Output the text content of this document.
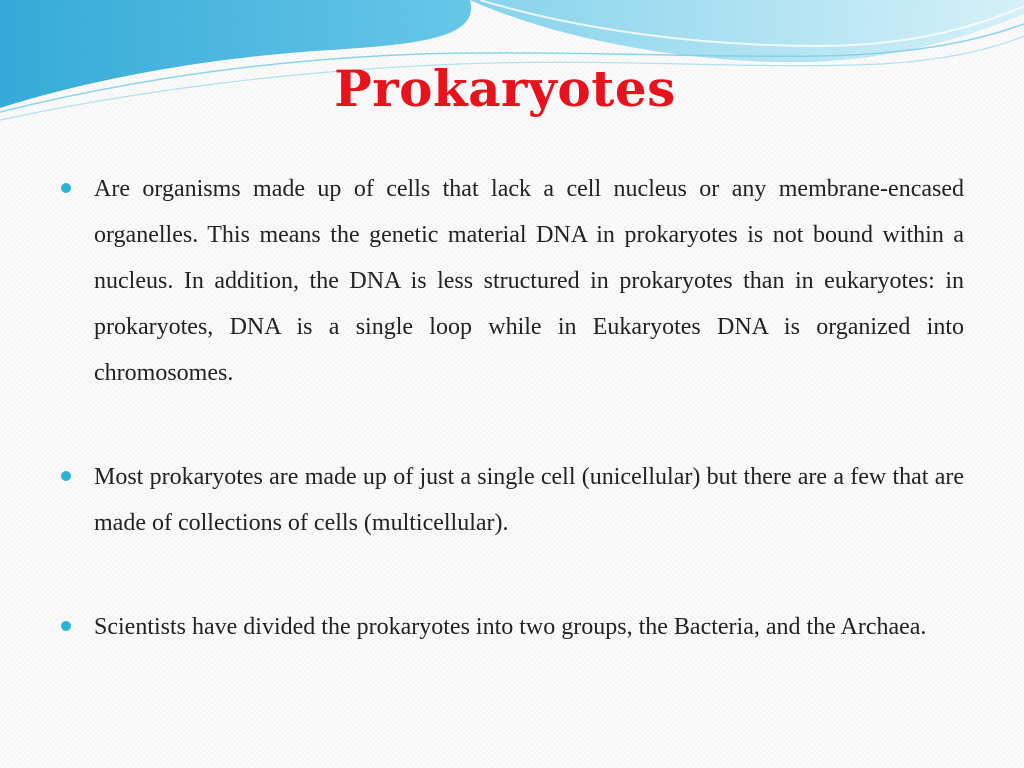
Prokaryotes
Are organisms made up of cells that lack a cell nucleus or any membrane-encased organelles. This means the genetic material DNA in prokaryotes is not bound within a nucleus. In addition, the DNA is less structured in prokaryotes than in eukaryotes: in prokaryotes, DNA is a single loop while in Eukaryotes DNA is organized into chromosomes.
Most prokaryotes are made up of just a single cell (unicellular) but there are a few that are made of collections of cells (multicellular).
Scientists have divided the prokaryotes into two groups, the Bacteria, and the Archaea.
